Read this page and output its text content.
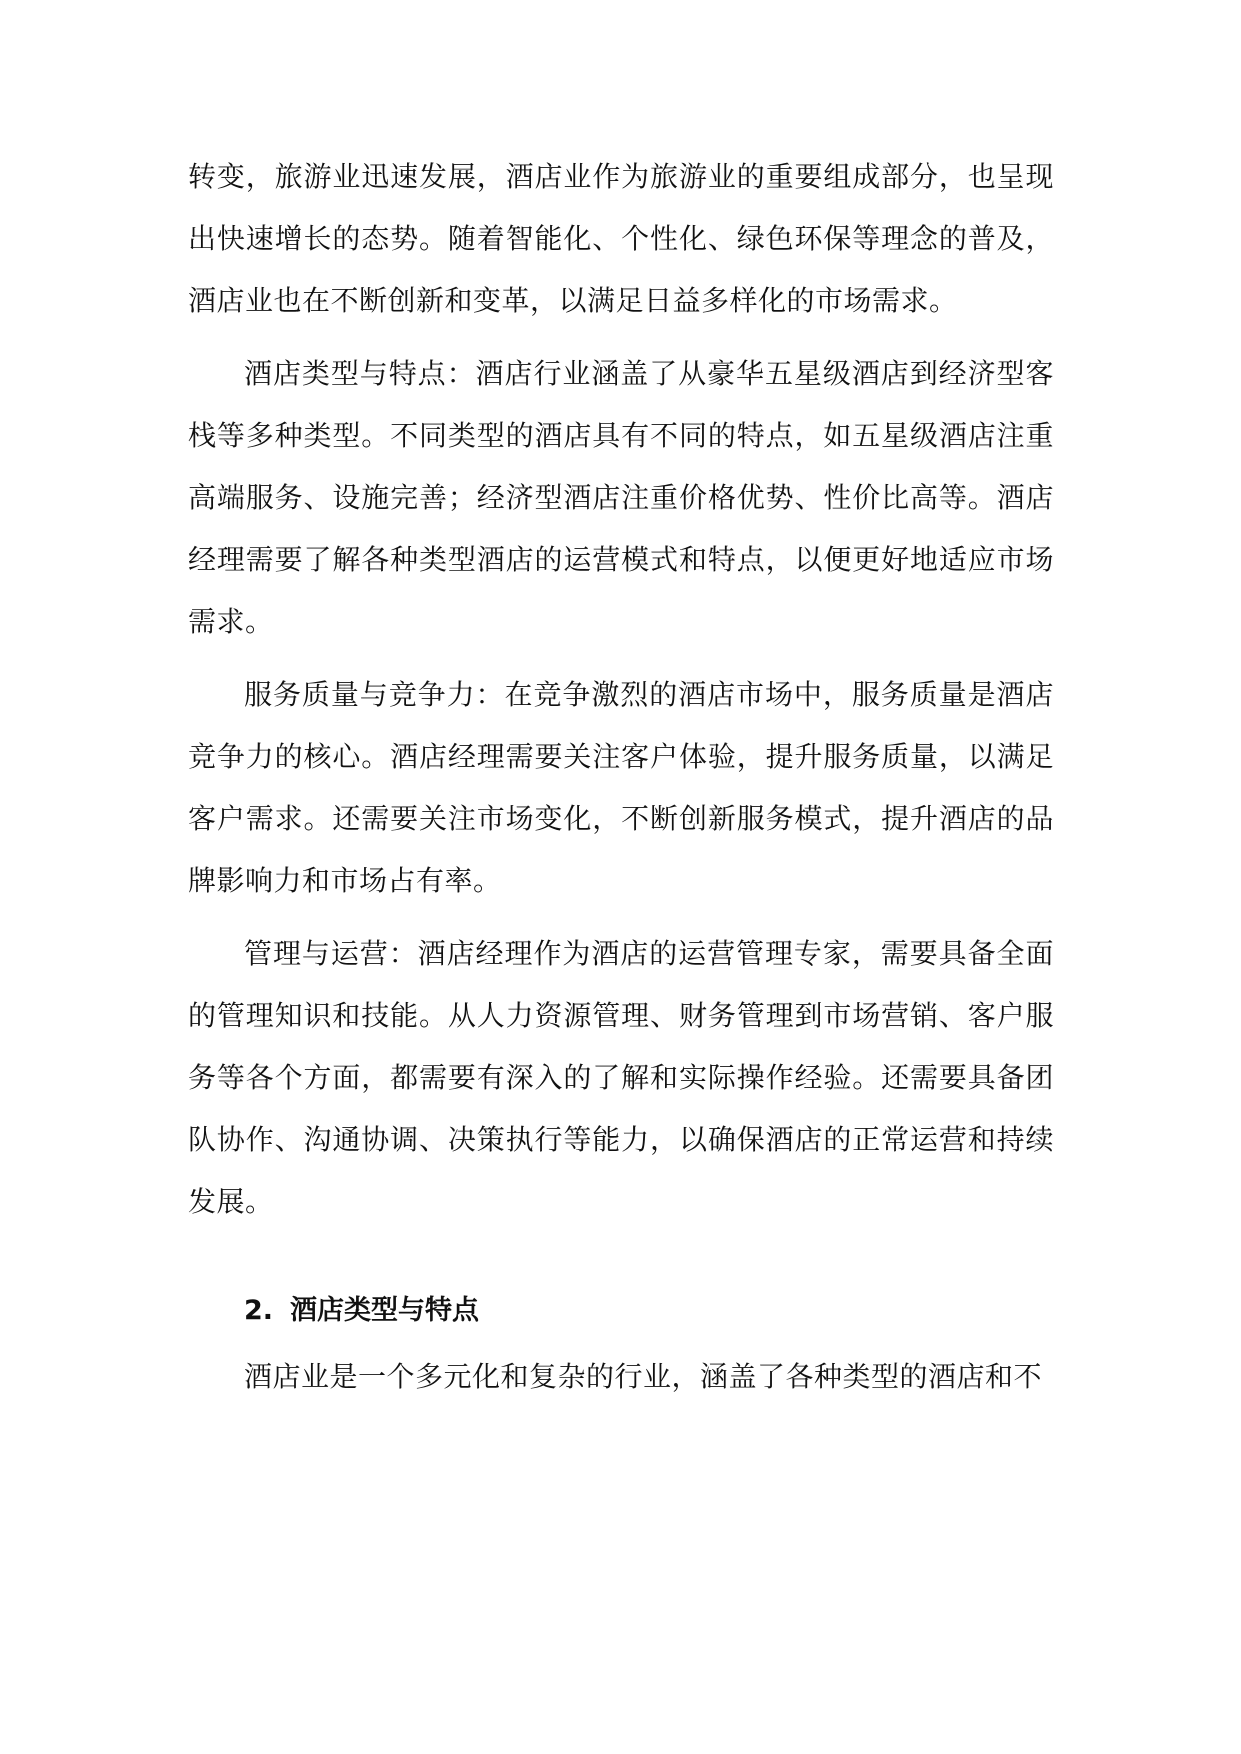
转变，旅游业迅速发展，酒店业作为旅游业的重要组成部分，也呈现出快速增长的态势。随着智能化、个性化、绿色环保等理念的普及，酒店业也在不断创新和变革，以满足日益多样化的市场需求。

酒店类型与特点：酒店行业涵盖了从豪华五星级酒店到经济型客栈等多种类型。不同类型的酒店具有不同的特点，如五星级酒店注重高端服务、设施完善；经济型酒店注重价格优势、性价比高等。酒店经理需要了解各种类型酒店的运营模式和特点，以便更好地适应市场需求。

服务质量与竞争力：在竞争激烈的酒店市场中，服务质量是酒店竞争力的核心。酒店经理需要关注客户体验，提升服务质量，以满足客户需求。还需要关注市场变化，不断创新服务模式，提升酒店的品牌影响力和市场占有率。

管理与运营：酒店经理作为酒店的运营管理专家，需要具备全面的管理知识和技能。从人力资源管理、财务管理到市场营销、客户服务等各个方面，都需要有深入的了解和实际操作经验。还需要具备团队协作、沟通协调、决策执行等能力，以确保酒店的正常运营和持续发展。

2. 酒店类型与特点

酒店业是一个多元化和复杂的行业，涵盖了各种类型的酒店和不
